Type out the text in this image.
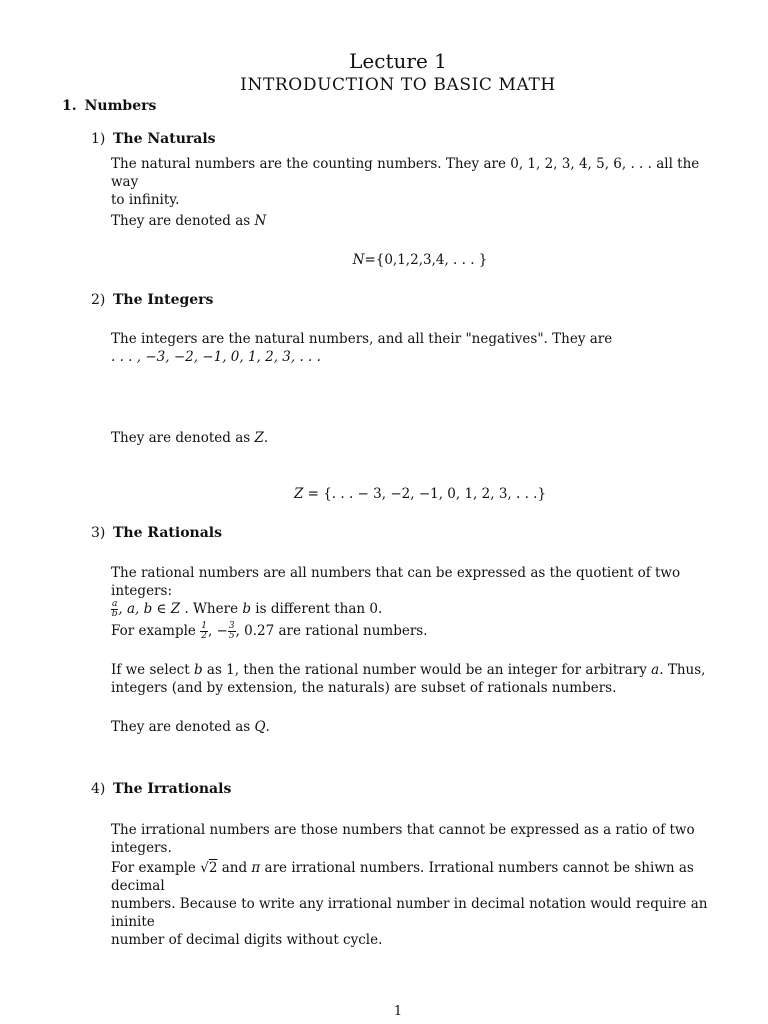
Lecture 1
INTRODUCTION TO BASIC MATH
1. Numbers
1) The Naturals
The natural numbers are the counting numbers. They are 0, 1, 2, 3, 4, 5, 6, . . . all the way
to infinity.
They are denoted as N
N={0,1,2,3,4, . . . }
2) The Integers
The integers are the natural numbers, and all their "negatives". They are
. . . , −3, −2, −1, 0, 1, 2, 3, . . .
They are denoted as Z.
Z = {. . . − 3, −2, −1, 0, 1, 2, 3, . . .}
3) The Rationals
The rational numbers are all numbers that can be expressed as the quotient of two integers:
$\frac{a}{b}$ , a, b ∈ Z . Where b is different than 0.
For example $\frac{1}{2}$ , − $\frac{3}{5}$ , 0.27 are rational numbers.
If we select b as 1, then the rational number would be an integer for arbitrary a. Thus,
integers (and by extension, the naturals) are subset of rationals numbers.
They are denoted as Q.
4) The Irrationals
The irrational numbers are those numbers that cannot be expressed as a ratio of two integers.
For example √2 and π are irrational numbers. Irrational numbers cannot be shiwn as decimal
numbers. Because to write any irrational number in decimal notation would require an ininite
number of decimal digits without cycle.
1
